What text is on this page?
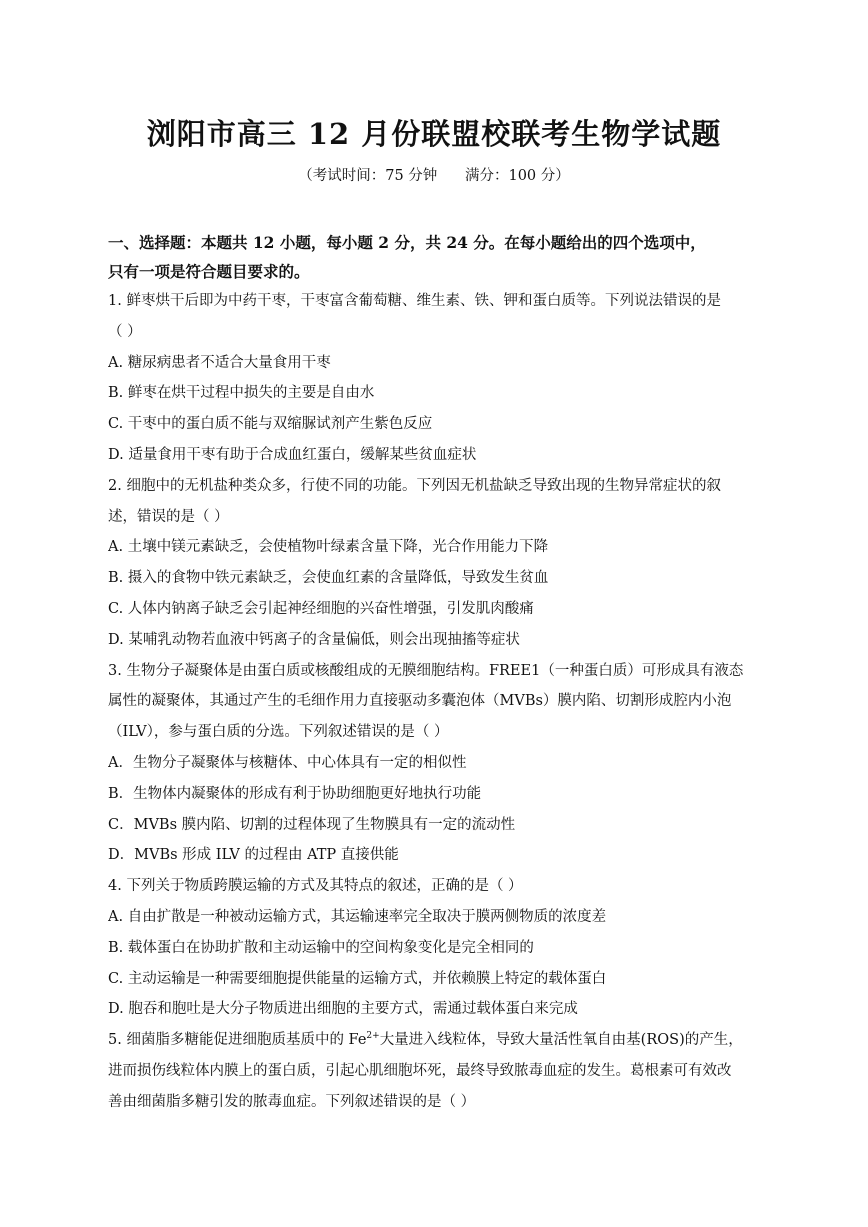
浏阳市高三 12 月份联盟校联考生物学试题
（考试时间：75 分钟      满分：100 分）
一、选择题：本题共 12 小题，每小题 2 分，共 24 分。在每小题给出的四个选项中，
只有一项是符合题目要求的。
1. 鲜枣烘干后即为中药干枣，干枣富含葡萄糖、维生素、铁、钾和蛋白质等。下列说法错误的是
（ ）
A. 糖尿病患者不适合大量食用干枣
B. 鲜枣在烘干过程中损失的主要是自由水
C. 干枣中的蛋白质不能与双缩脲试剂产生紫色反应
D. 适量食用干枣有助于合成血红蛋白，缓解某些贫血症状
2. 细胞中的无机盐种类众多，行使不同的功能。下列因无机盐缺乏导致出现的生物异常症状的叙
述，错误的是（ ）
A. 土壤中镁元素缺乏，会使植物叶绿素含量下降，光合作用能力下降
B. 摄入的食物中铁元素缺乏，会使血红素的含量降低，导致发生贫血
C. 人体内钠离子缺乏会引起神经细胞的兴奋性增强，引发肌肉酸痛
D. 某哺乳动物若血液中钙离子的含量偏低，则会出现抽搐等症状
3. 生物分子凝聚体是由蛋白质或核酸组成的无膜细胞结构。FREE1（一种蛋白质）可形成具有液态
属性的凝聚体，其通过产生的毛细作用力直接驱动多囊泡体（MVBs）膜内陷、切割形成腔内小泡
（ILV），参与蛋白质的分选。下列叙述错误的是（ ）
A．生物分子凝聚体与核糖体、中心体具有一定的相似性
B．生物体内凝聚体的形成有利于协助细胞更好地执行功能
C．MVBs 膜内陷、切割的过程体现了生物膜具有一定的流动性
D．MVBs 形成 ILV 的过程由 ATP 直接供能
4. 下列关于物质跨膜运输的方式及其特点的叙述，正确的是（ ）
A. 自由扩散是一种被动运输方式，其运输速率完全取决于膜两侧物质的浓度差
B. 载体蛋白在协助扩散和主动运输中的空间构象变化是完全相同的
C. 主动运输是一种需要细胞提供能量的运输方式，并依赖膜上特定的载体蛋白
D. 胞吞和胞吐是大分子物质进出细胞的主要方式，需通过载体蛋白来完成
5. 细菌脂多糖能促进细胞质基质中的 $Fe^{2+}$大量进入线粒体，导致大量活性氧自由基(ROS)的产生，
进而损伤线粒体内膜上的蛋白质，引起心肌细胞坏死，最终导致脓毒血症的发生。葛根素可有效改
善由细菌脂多糖引发的脓毒血症。下列叙述错误的是（ ）
